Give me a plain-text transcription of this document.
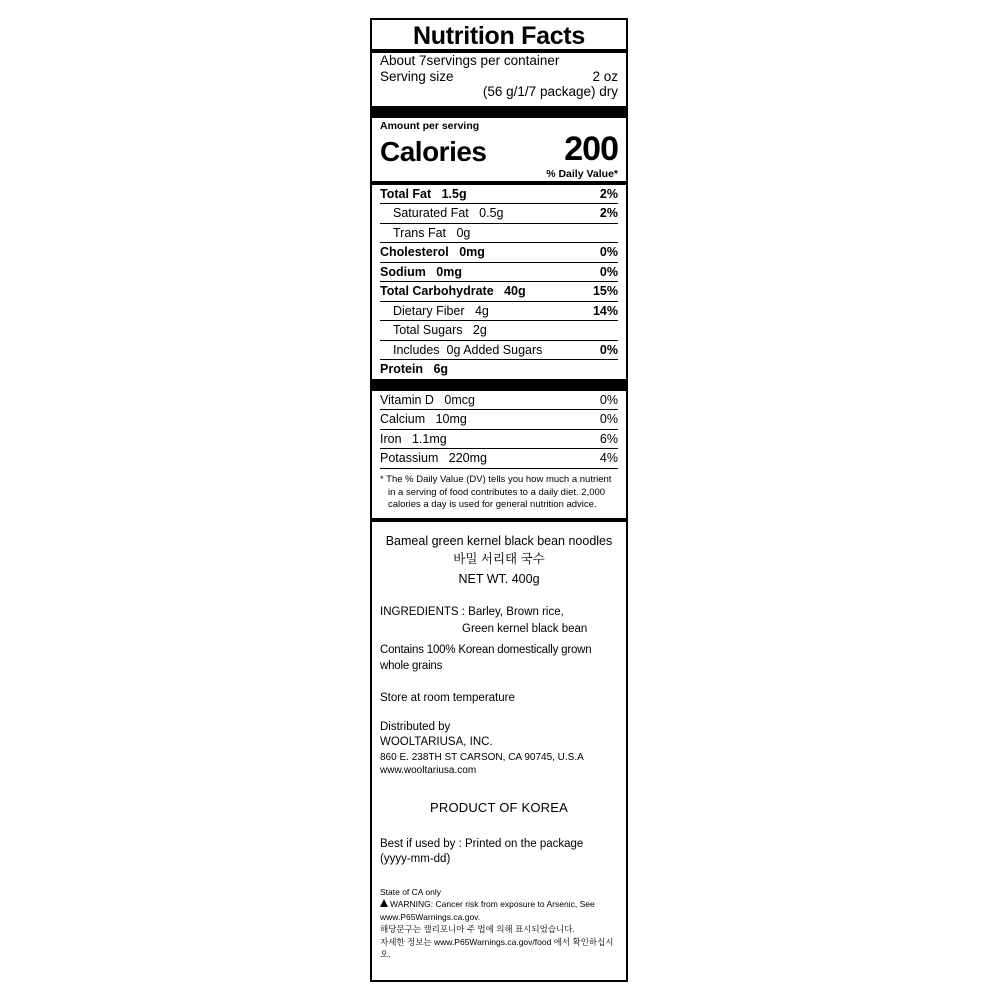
Nutrition Facts
About 7servings per container
Serving size	2 oz
(56 g/1/7 package) dry
Amount per serving
Calories 200
% Daily Value*
Total Fat 1.5g	2%
Saturated Fat 0.5g	2%
Trans Fat 0g
Cholesterol 0mg	0%
Sodium 0mg	0%
Total Carbohydrate 40g	15%
Dietary Fiber 4g	14%
Total Sugars 2g
Includes  0g Added Sugars	0%
Protein 6g
Vitamin D 0mcg	0%
Calcium 10mg	0%
Iron 1.1mg	6%
Potassium 220mg	4%
* The % Daily Value (DV) tells you how much a nutrient
in a serving of food contributes to a daily diet. 2,000
calories a day is used for general nutrition advice.
Bameal green kernel black bean noodles
바밀 서리태 국수
NET WT. 400g
INGREDIENTS : Barley, Brown rice,
Green kernel black bean
Contains 100% Korean domestically grown whole grains
Store at room temperature
Distributed by
WOOLTARIUSA, INC.
860 E. 238TH ST CARSON, CA 90745, U.S.A
www.wooltariusa.com
PRODUCT OF KOREA
Best if used by : Printed on the package
(yyyy-mm-dd)
State of CA only
WARNING: Cancer risk from exposure to Arsenic, See
www.P65Warnings.ca.gov.
해당문구는 캘리포니아 주 법에 의해 표시되었습니다.
자세한 정보는 www.P65Warnings.ca.gov/food 에서 확인하십시오.
